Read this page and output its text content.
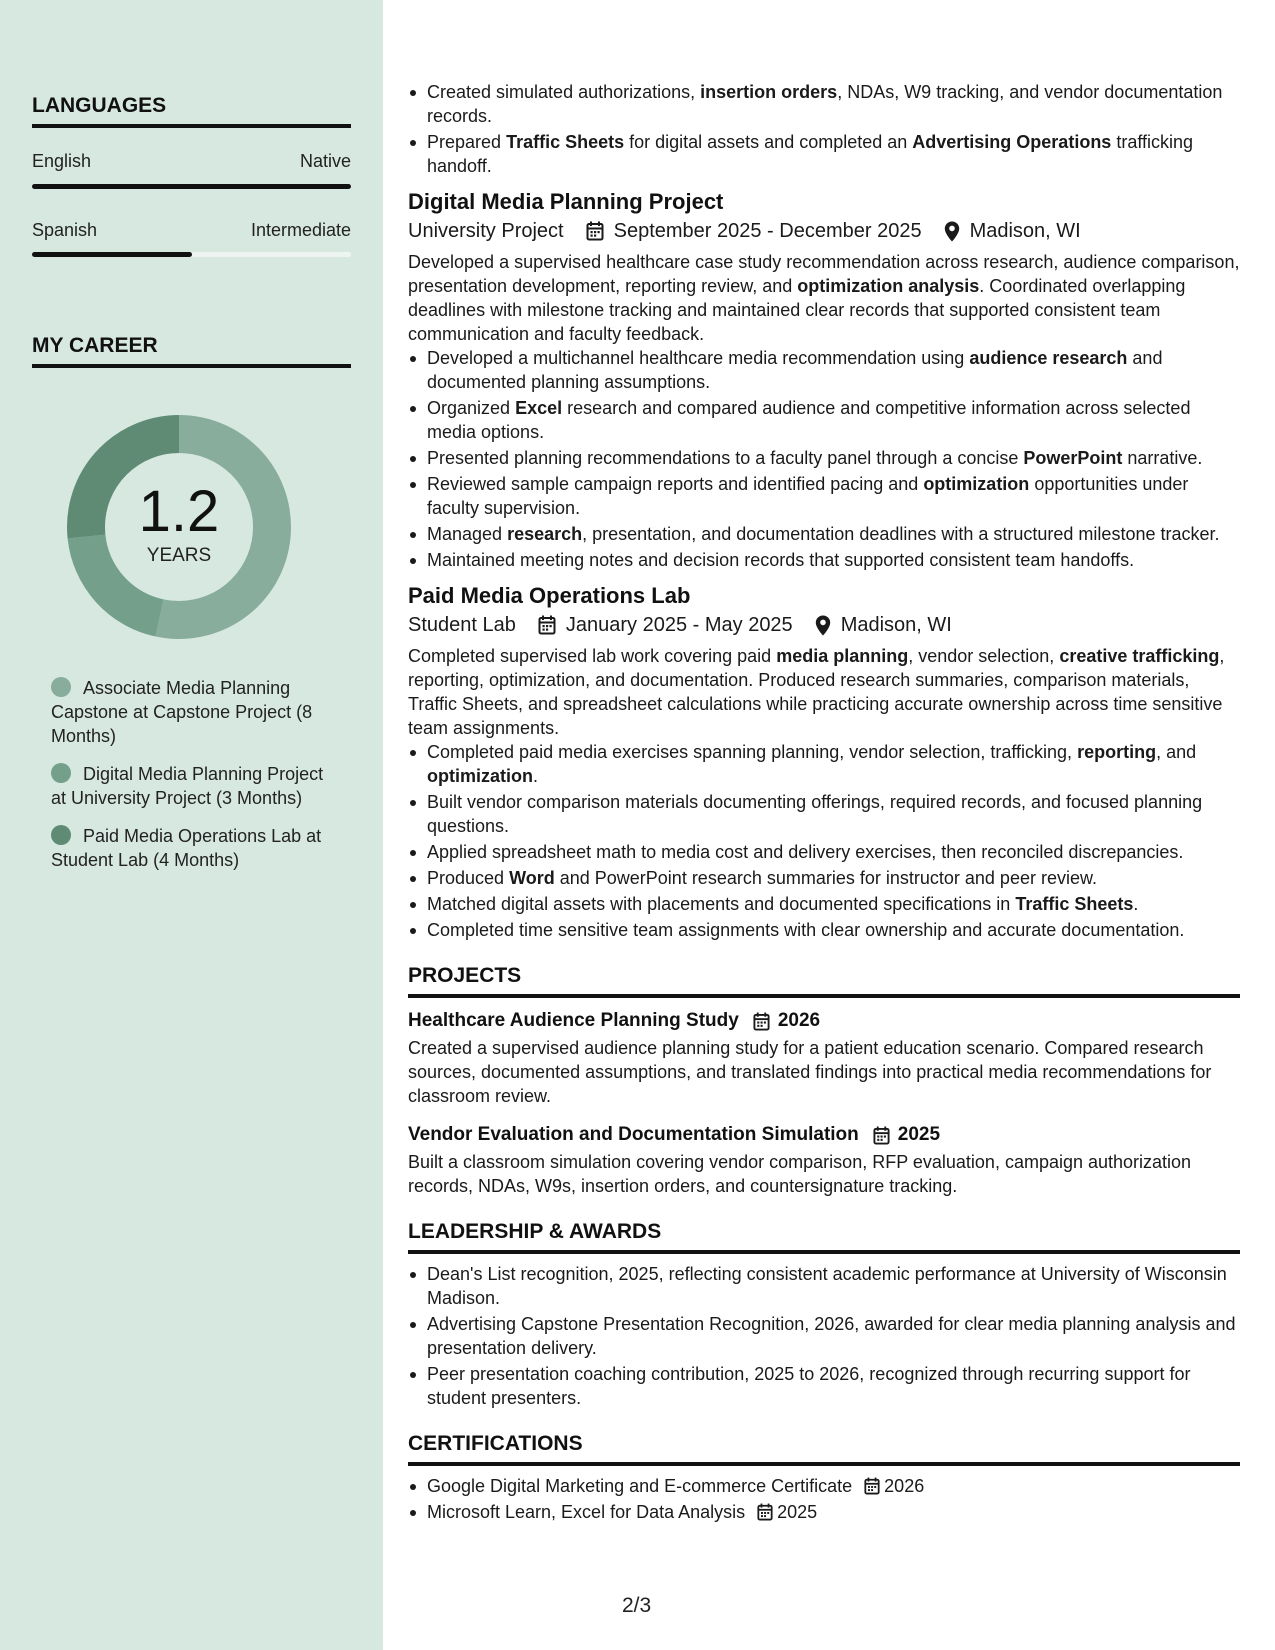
LANGUAGES
English	Native
Spanish	Intermediate
MY CAREER
1.2
YEARS
Associate Media Planning Capstone at Capstone Project (8 Months)
Digital Media Planning Project at University Project (3 Months)
Paid Media Operations Lab at Student Lab (4 Months)
Created simulated authorizations, insertion orders, NDAs, W9 tracking, and vendor documentation records.
Prepared Traffic Sheets for digital assets and completed an Advertising Operations trafficking handoff.
Digital Media Planning Project
University Project	September 2025 - December 2025 Madison, WI
Developed a supervised healthcare case study recommendation across research, audience comparison, presentation development, reporting review, and optimization analysis. Coordinated overlapping deadlines with milestone tracking and maintained clear records that supported consistent team communication and faculty feedback.
Developed a multichannel healthcare media recommendation using audience research and documented planning assumptions.
Organized Excel research and compared audience and competitive information across selected media options.
Presented planning recommendations to a faculty panel through a concise PowerPoint narrative.
Reviewed sample campaign reports and identified pacing and optimization opportunities under faculty supervision.
Managed research, presentation, and documentation deadlines with a structured milestone tracker.
Maintained meeting notes and decision records that supported consistent team handoffs.
Paid Media Operations Lab
Student Lab	January 2025 - May 2025 Madison, WI
Completed supervised lab work covering paid media planning, vendor selection, creative trafficking, reporting, optimization, and documentation. Produced research summaries, comparison materials, Traffic Sheets, and spreadsheet calculations while practicing accurate ownership across time sensitive team assignments.
Completed paid media exercises spanning planning, vendor selection, trafficking, reporting, and optimization.
Built vendor comparison materials documenting offerings, required records, and focused planning questions.
Applied spreadsheet math to media cost and delivery exercises, then reconciled discrepancies.
Produced Word and PowerPoint research summaries for instructor and peer review.
Matched digital assets with placements and documented specifications in Traffic Sheets.
Completed time sensitive team assignments with clear ownership and accurate documentation.
PROJECTS
Healthcare Audience Planning Study 2026
Created a supervised audience planning study for a patient education scenario. Compared research sources, documented assumptions, and translated findings into practical media recommendations for classroom review.
Vendor Evaluation and Documentation Simulation 2025
Built a classroom simulation covering vendor comparison, RFP evaluation, campaign authorization records, NDAs, W9s, insertion orders, and countersignature tracking.
LEADERSHIP & AWARDS
Dean's List recognition, 2025, reflecting consistent academic performance at University of Wisconsin Madison.
Advertising Capstone Presentation Recognition, 2026, awarded for clear media planning analysis and presentation delivery.
Peer presentation coaching contribution, 2025 to 2026, recognized through recurring support for student presenters.
CERTIFICATIONS
Google Digital Marketing and E-commerce Certificate 2026
Microsoft Learn, Excel for Data Analysis 2025
2/3
